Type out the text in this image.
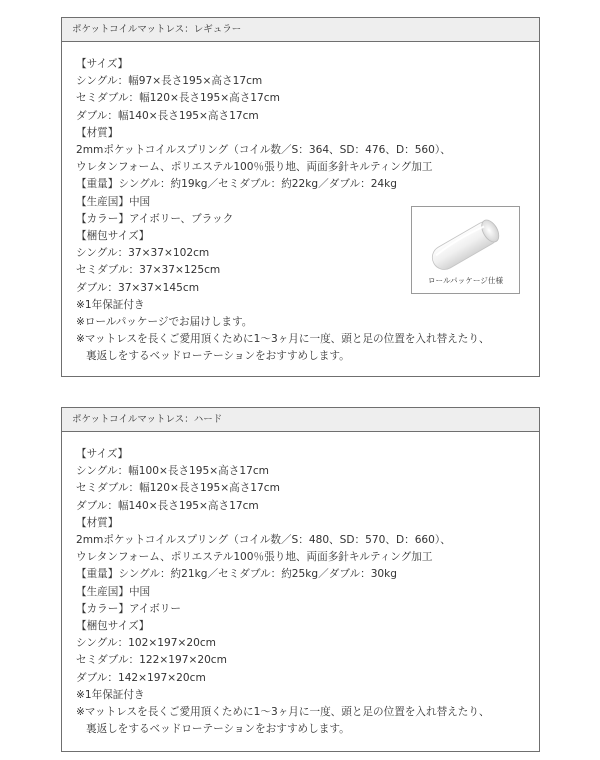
ポケットコイルマットレス：レギュラー
【サイズ】
シングル：幅97×長さ195×高さ17cm
セミダブル：幅120×長さ195×高さ17cm
ダブル：幅140×長さ195×高さ17cm
【材質】
2mmポケットコイルスプリング（コイル数／S：364、SD：476、D：560）、
ウレタンフォーム、ポリエステル100％張り地、両面多針キルティング加工
【重量】シングル：約19kg／セミダブル：約22kg／ダブル：24kg
【生産国】中国
【カラー】アイボリー、ブラック
【梱包サイズ】
シングル：37×37×102cm
セミダブル：37×37×125cm
ダブル：37×37×145cm
※1年保証付き
※ロールパッケージでお届けします。
※マットレスを長くご愛用頂くために1〜3ヶ月に一度、頭と足の位置を入れ替えたり、
裏返しをするベッドローテーションをおすすめします。
ロールパッケージ仕様
ポケットコイルマットレス：ハード
【サイズ】
シングル：幅100×長さ195×高さ17cm
セミダブル：幅120×長さ195×高さ17cm
ダブル：幅140×長さ195×高さ17cm
【材質】
2mmポケットコイルスプリング（コイル数／S：480、SD：570、D：660）、
ウレタンフォーム、ポリエステル100％張り地、両面多針キルティング加工
【重量】シングル：約21kg／セミダブル：約25kg／ダブル：30kg
【生産国】中国
【カラー】アイボリー
【梱包サイズ】
シングル：102×197×20cm
セミダブル：122×197×20cm
ダブル：142×197×20cm
※1年保証付き
※マットレスを長くご愛用頂くために1〜3ヶ月に一度、頭と足の位置を入れ替えたり、
裏返しをするベッドローテーションをおすすめします。
